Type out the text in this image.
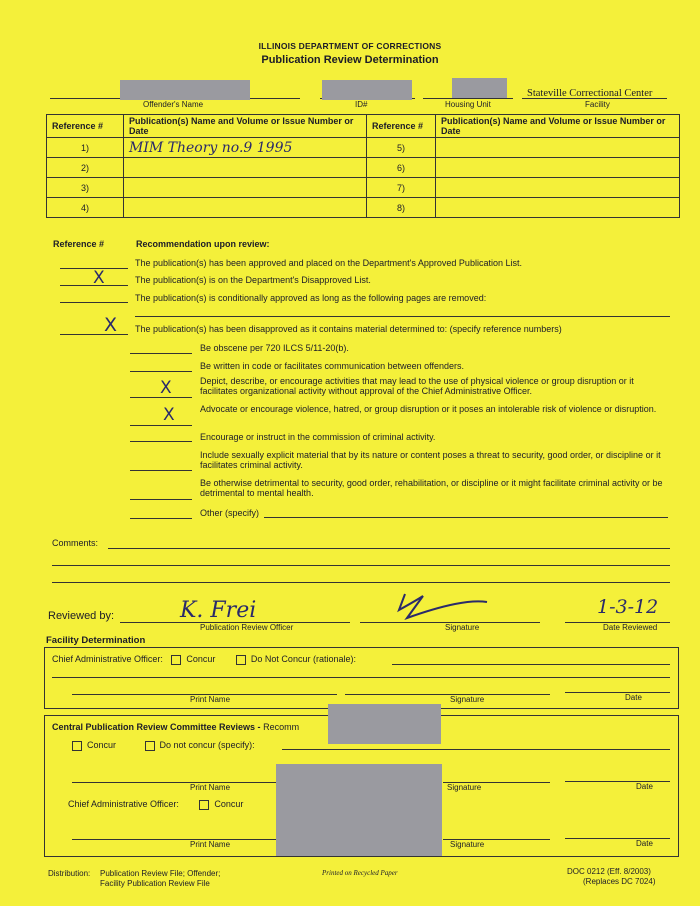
ILLINOIS DEPARTMENT OF CORRECTIONS
Publication Review Determination
Offender's Name	ID#	Housing Unit
Stateville Correctional Center
Facility
Reference #	Publication(s) Name and Volume or Issue Number or Date	Reference #	Publication(s) Name and Volume or Issue Number or Date
1)	MIM Theory no.9 1995	5)	
2)		6)	
3)		7)	
4)		8)	
Reference #	Recommendation upon review:
The publication(s) has been approved and placed on the Department's Approved Publication List.
X	The publication(s) is on the Department's Disapproved List.
The publication(s) is conditionally approved as long as the following pages are removed:
X The publication(s) has been disapproved as it contains material determined to: (specify reference numbers)
Be obscene per 720 ILCS 5/11-20(b).
Be written in code or facilitates communication between offenders.
X	Depict, describe, or encourage activities that may lead to the use of physical violence or group disruption or it facilitates organizational activity without approval of the Chief Administrative Officer.
X	Advocate or encourage violence, hatred, or group disruption or it poses an intolerable risk of violence or disruption.
Encourage or instruct in the commission of criminal activity.
Include sexually explicit material that by its nature or content poses a threat to security, good order, or discipline or it facilitates criminal activity.
Be otherwise detrimental to security, good order, rehabilitation, or discipline or it might facilitate criminal activity or be detrimental to mental health.
Other (specify)
Comments:
Reviewed by:	K. Frei
Publication Review Officer	Signature
1-3-12
Date Reviewed
Facility Determination
Chief Administrative Officer:	Concur	Do Not Concur (rationale):
Print Name	Signature	Date
Central Publication Review Committee Reviews - Recomm
Concur	Do not concur (specify):
Print Name	Signature	Date
Chief Administrative Officer:	Concur
Print Name	Signature	Date
Distribution: Publication Review File; Offender;
Facility Publication Review File
Printed on Recycled Paper	DOC 0212 (Eff. 8/2003)
(Replaces DC 7024)
